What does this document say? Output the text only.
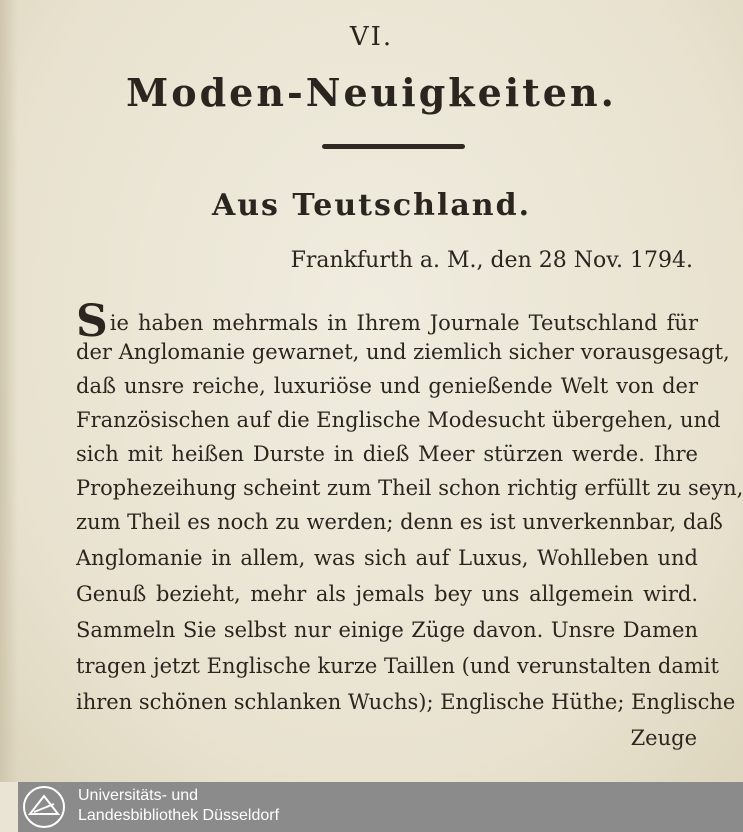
VI.
Moden-Neuigkeiten.
Aus Teutschland.
Frankfurth a. M., den 28 Nov. 1794.
Sie haben mehrmals in Ihrem Journale Teutschland für
der Anglomanie gewarnet, und ziemlich sicher vorausgesagt,
daß unsre reiche, luxuriöse und genießende Welt von der
Französischen auf die Englische Modesucht übergehen, und
sich mit heißen Durste in dieß Meer stürzen werde. Ihre
Prophezeihung scheint zum Theil schon richtig erfüllt zu seyn,
zum Theil es noch zu werden; denn es ist unverkennbar, daß
Anglomanie in allem, was sich auf Luxus, Wohlleben und
Genuß bezieht, mehr als jemals bey uns allgemein wird.
Sammeln Sie selbst nur einige Züge davon. Unsre Damen
tragen jetzt Englische kurze Taillen (und verunstalten damit
ihren schönen schlanken Wuchs); Englische Hüthe; Englische
Zeuge
Universitäts- und
Landesbibliothek Düsseldorf
